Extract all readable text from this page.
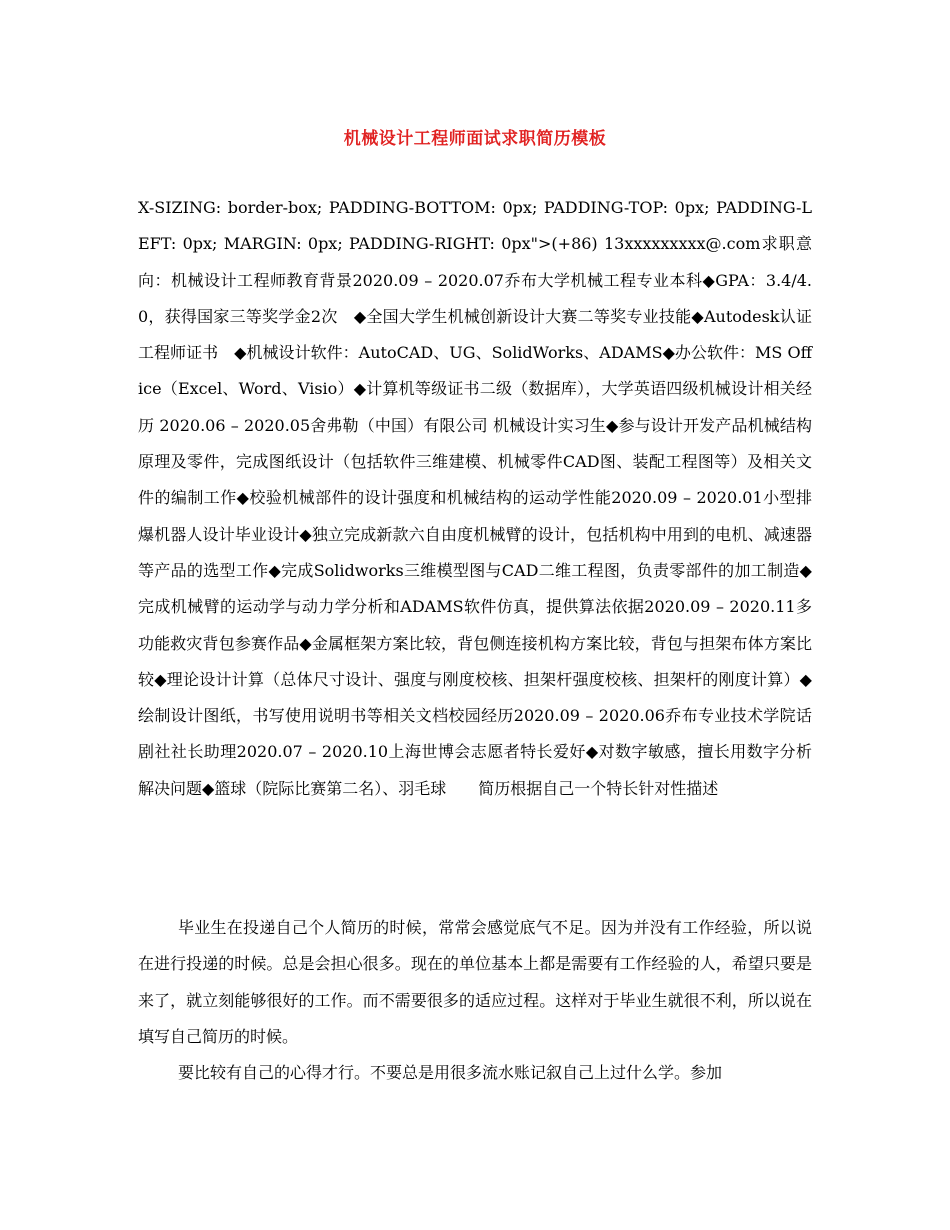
机械设计工程师面试求职简历模板

X-SIZING: border-box; PADDING-BOTTOM: 0px; PADDING-TOP: 0px; PADDING-LEFT: 0px; MARGIN: 0px; PADDING-RIGHT: 0px">(+86) 13xxxxxxxxx@.com求职意向：机械设计工程师教育背景2020.09 – 2020.07乔布大学机械工程专业本科◆GPA：3.4/4.0，获得国家三等奖学金2次　◆全国大学生机械创新设计大赛二等奖专业技能◆Autodesk认证工程师证书　◆机械设计软件：AutoCAD、UG、SolidWorks、ADAMS◆办公软件：MS Office（Excel、Word、Visio）◆计算机等级证书二级（数据库），大学英语四级机械设计相关经历 2020.06 – 2020.05舍弗勒（中国）有限公司 机械设计实习生◆参与设计开发产品机械结构原理及零件，完成图纸设计（包括软件三维建模、机械零件CAD图、装配工程图等）及相关文件的编制工作◆校验机械部件的设计强度和机械结构的运动学性能2020.09 – 2020.01小型排爆机器人设计毕业设计◆独立完成新款六自由度机械臂的设计，包括机构中用到的电机、减速器等产品的选型工作◆完成Solidworks三维模型图与CAD二维工程图，负责零部件的加工制造◆完成机械臂的运动学与动力学分析和ADAMS软件仿真，提供算法依据2020.09 – 2020.11多功能救灾背包参赛作品◆金属框架方案比较，背包侧连接机构方案比较，背包与担架布体方案比较◆理论设计计算（总体尺寸设计、强度与刚度校核、担架杆强度校核、担架杆的刚度计算）◆绘制设计图纸，书写使用说明书等相关文档校园经历2020.09 – 2020.06乔布专业技术学院话剧社社长助理2020.07 – 2020.10上海世博会志愿者特长爱好◆对数字敏感，擅长用数字分析解决问题◆篮球（院际比赛第二名）、羽毛球　　简历根据自己一个特长针对性描述

毕业生在投递自己个人简历的时候，常常会感觉底气不足。因为并没有工作经验，所以说在进行投递的时候。总是会担心很多。现在的单位基本上都是需要有工作经验的人，希望只要是来了，就立刻能够很好的工作。而不需要很多的适应过程。这样对于毕业生就很不利，所以说在填写自己简历的时候。

要比较有自己的心得才行。不要总是用很多流水账记叙自己上过什么学。参加
